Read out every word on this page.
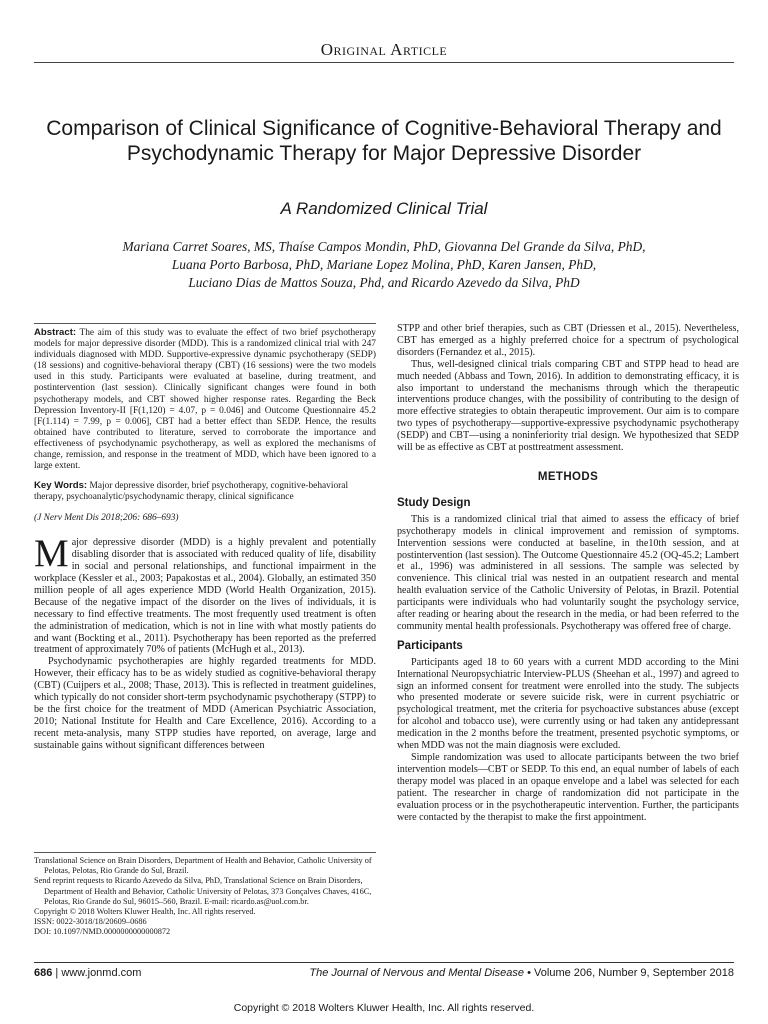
Original Article
Comparison of Clinical Significance of Cognitive-Behavioral Therapy and Psychodynamic Therapy for Major Depressive Disorder
A Randomized Clinical Trial
Mariana Carret Soares, MS, Thaíse Campos Mondin, PhD, Giovanna Del Grande da Silva, PhD,
Luana Porto Barbosa, PhD, Mariane Lopez Molina, PhD, Karen Jansen, PhD,
Luciano Dias de Mattos Souza, Phd, and Ricardo Azevedo da Silva, PhD

Abstract: The aim of this study was to evaluate the effect of two brief psychotherapy models for major depressive disorder (MDD). This is a randomized clinical trial with 247 individuals diagnosed with MDD. Supportive-expressive dynamic psychotherapy (SEDP) (18 sessions) and cognitive-behavioral therapy (CBT) (16 sessions) were the two models used in this study. Participants were evaluated at baseline, during treatment, and postintervention (last session). Clinically significant changes were found in both psychotherapy models, and CBT showed higher response rates. Regarding the Beck Depression Inventory-II [F(1,120) = 4.07, p = 0.046] and Outcome Questionnaire 45.2 [F(1.114) = 7.99, p = 0.006], CBT had a better effect than SEDP. Hence, the results obtained have contributed to literature, served to corroborate the importance and effectiveness of psychodynamic psychotherapy, as well as explored the mechanisms of change, remission, and response in the treatment of MDD, which have been ignored to a large extent.

Key Words: Major depressive disorder, brief psychotherapy, cognitive-behavioral therapy, psychoanalytic/psychodynamic therapy, clinical significance

(J Nerv Ment Dis 2018;206: 686–693)

Major depressive disorder (MDD) is a highly prevalent and potentially disabling disorder that is associated with reduced quality of life, disability in social and personal relationships, and functional impairment in the workplace (Kessler et al., 2003; Papakostas et al., 2004). Globally, an estimated 350 million people of all ages experience MDD (World Health Organization, 2015). Because of the negative impact of the disorder on the lives of individuals, it is necessary to find effective treatments. The most frequently used treatment is often the administration of medication, which is not in line with what mostly patients do and want (Bockting et al., 2011). Psychotherapy has been reported as the preferred treatment of approximately 70% of patients (McHugh et al., 2013).

Psychodynamic psychotherapies are highly regarded treatments for MDD. However, their efficacy has to be as widely studied as cognitive-behavioral therapy (CBT) (Cuijpers et al., 2008; Thase, 2013). This is reflected in treatment guidelines, which typically do not consider short-term psychodynamic psychotherapy (STPP) to be the first choice for the treatment of MDD (American Psychiatric Association, 2010; National Institute for Health and Care Excellence, 2016). According to a recent meta-analysis, many STPP studies have reported, on average, large and sustainable gains without significant differences between

STPP and other brief therapies, such as CBT (Driessen et al., 2015). Nevertheless, CBT has emerged as a highly preferred choice for a spectrum of psychological disorders (Fernandez et al., 2015).

Thus, well-designed clinical trials comparing CBT and STPP head to head are much needed (Abbass and Town, 2016). In addition to demonstrating efficacy, it is also important to understand the mechanisms through which the therapeutic interventions produce changes, with the possibility of contributing to the design of more effective strategies to obtain therapeutic improvement. Our aim is to compare two types of psychotherapy—supportive-expressive psychodynamic psychotherapy (SEDP) and CBT—using a noninferiority trial design. We hypothesized that SEDP will be as effective as CBT at posttreatment assessment.

METHODS
Study Design

This is a randomized clinical trial that aimed to assess the efficacy of brief psychotherapy models in clinical improvement and remission of symptoms. Intervention sessions were conducted at baseline, in the10th session, and at postintervention (last session). The Outcome Questionnaire 45.2 (OQ-45.2; Lambert et al., 1996) was administered in all sessions. The sample was selected by convenience. This clinical trial was nested in an outpatient research and mental health evaluation service of the Catholic University of Pelotas, in Brazil. Potential participants were individuals who had voluntarily sought the psychology service, after reading or hearing about the research in the media, or had been referred to the community mental health professionals. Psychotherapy was offered free of charge.

Participants

Participants aged 18 to 60 years with a current MDD according to the Mini International Neuropsychiatric Interview-PLUS (Sheehan et al., 1997) and agreed to sign an informed consent for treatment were enrolled into the study. The subjects who presented moderate or severe suicide risk, were in current psychiatric or psychological treatment, met the criteria for psychoactive substances abuse (except for alcohol and tobacco use), were currently using or had taken any antidepressant medication in the 2 months before the treatment, presented psychotic symptoms, or when MDD was not the main diagnosis were excluded.

Simple randomization was used to allocate participants between the two brief intervention models—CBT or SEDP. To this end, an equal number of labels of each therapy model was placed in an opaque envelope and a label was selected for each patient. The researcher in charge of randomization did not participate in the evaluation process or in the psychotherapeutic intervention. Further, the participants were contacted by the therapist to make the first appointment.

Translational Science on Brain Disorders, Department of Health and Behavior, Catholic University of Pelotas, Pelotas, Rio Grande do Sul, Brazil.

Send reprint requests to Ricardo Azevedo da Silva, PhD, Translational Science on Brain Disorders, Department of Health and Behavior, Catholic University of Pelotas, 373 Gonçalves Chaves, 416C, Pelotas, Rio Grande do Sul, 96015–560, Brazil. E-mail: ricardo.as@uol.com.br.

Copyright © 2018 Wolters Kluwer Health, Inc. All rights reserved.

ISSN: 0022-3018/18/20609–0686

DOI: 10.1097/NMD.0000000000000872

686 | www.jonmd.com	The Journal of Nervous and Mental Disease • Volume 206, Number 9, September 2018
Copyright © 2018 Wolters Kluwer Health, Inc. All rights reserved.
